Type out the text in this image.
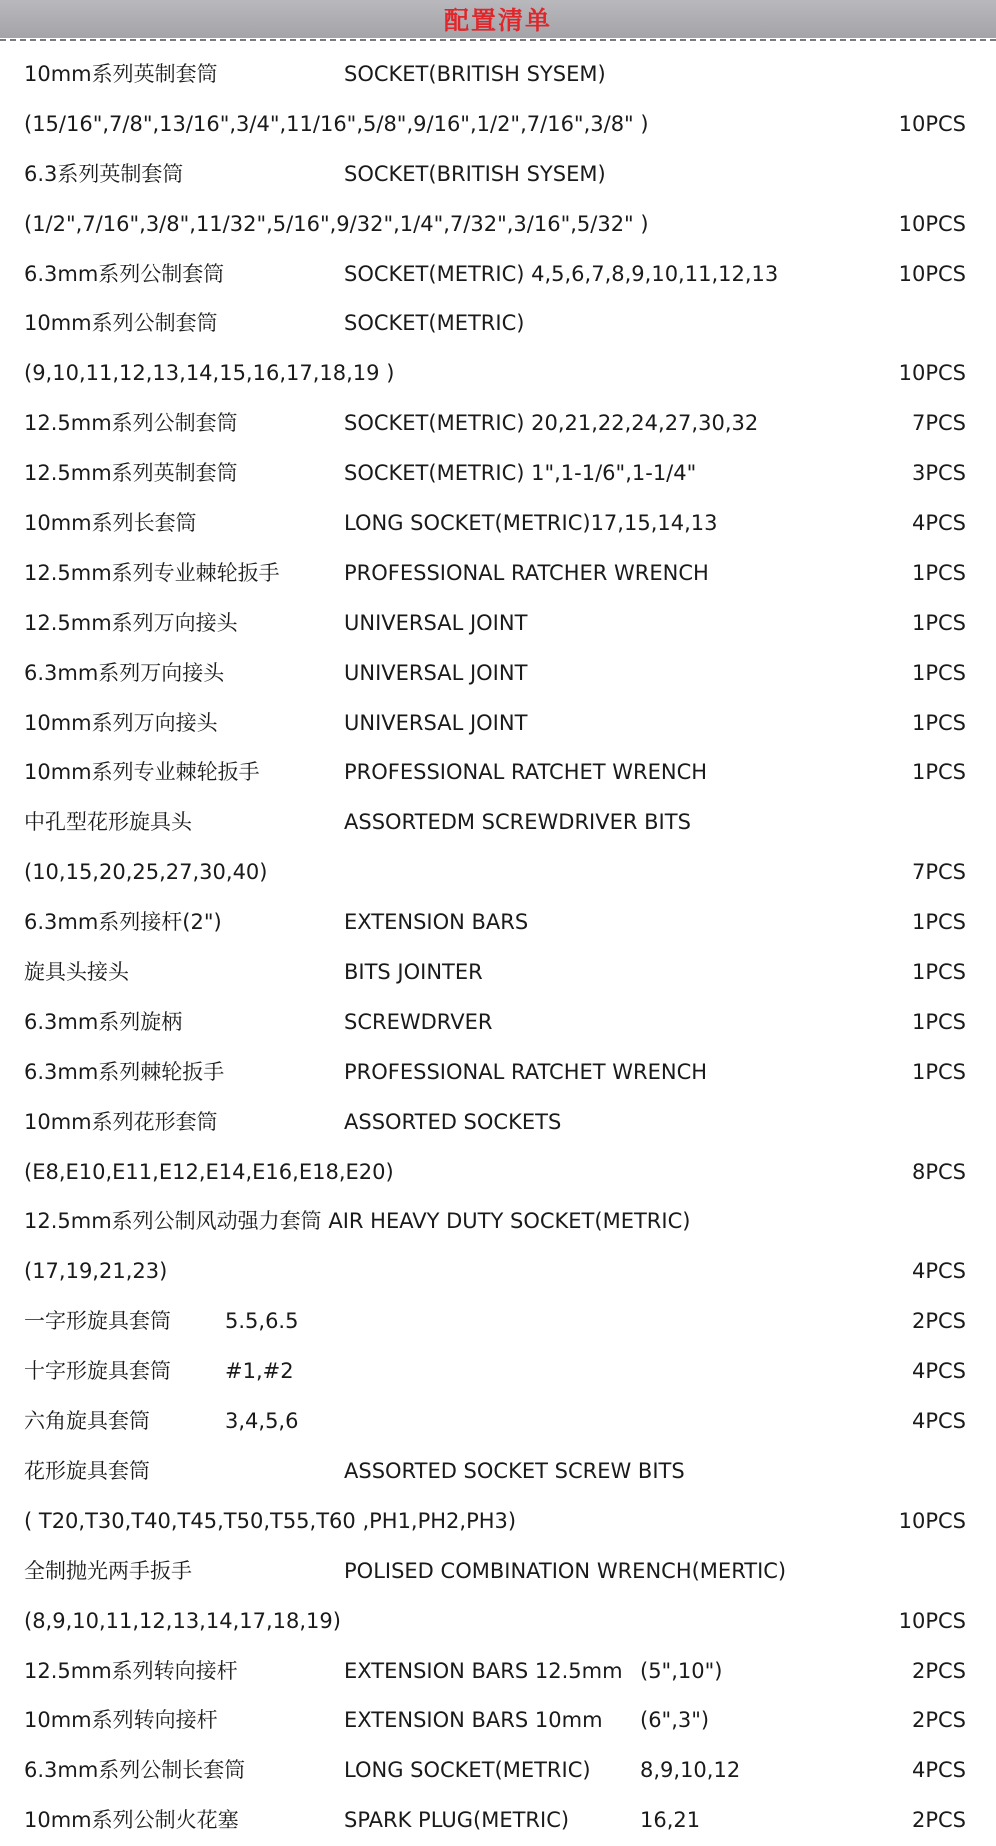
配置清单
10mm系列英制套筒	SOCKET(BRITISH SYSEM)
(15/16",7/8",13/16",3/4",11/16",5/8",9/16",1/2",7/16",3/8" )	10PCS
6.3系列英制套筒	SOCKET(BRITISH SYSEM)
(1/2",7/16",3/8",11/32",5/16",9/32",1/4",7/32",3/16",5/32" )	10PCS
6.3mm系列公制套筒	SOCKET(METRIC) 4,5,6,7,8,9,10,11,12,13	10PCS
10mm系列公制套筒	SOCKET(METRIC)
(9,10,11,12,13,14,15,16,17,18,19 )	10PCS
12.5mm系列公制套筒	SOCKET(METRIC) 20,21,22,24,27,30,32	7PCS
12.5mm系列英制套筒	SOCKET(METRIC) 1",1-1/6",1-1/4"	3PCS
10mm系列长套筒	LONG SOCKET(METRIC)17,15,14,13	4PCS
12.5mm系列专业棘轮扳手	PROFESSIONAL RATCHER WRENCH	1PCS
12.5mm系列万向接头	UNIVERSAL JOINT	1PCS
6.3mm系列万向接头	UNIVERSAL JOINT	1PCS
10mm系列万向接头	UNIVERSAL JOINT	1PCS
10mm系列专业棘轮扳手	PROFESSIONAL RATCHET WRENCH	1PCS
中孔型花形旋具头	ASSORTEDM SCREWDRIVER BITS
(10,15,20,25,27,30,40)	7PCS
6.3mm系列接杆(2")	EXTENSION BARS	1PCS
旋具头接头	BITS JOINTER	1PCS
6.3mm系列旋柄	SCREWDRVER	1PCS
6.3mm系列棘轮扳手	PROFESSIONAL RATCHET WRENCH	1PCS
10mm系列花形套筒	ASSORTED SOCKETS
(E8,E10,E11,E12,E14,E16,E18,E20)	8PCS
12.5mm系列公制风动强力套筒 AIR HEAVY DUTY SOCKET(METRIC)
(17,19,21,23)	4PCS
一字形旋具套筒	5.5,6.5	2PCS
十字形旋具套筒	#1,#2	4PCS
六角旋具套筒	3,4,5,6	4PCS
花形旋具套筒	ASSORTED SOCKET SCREW BITS
( T20,T30,T40,T45,T50,T55,T60 ,PH1,PH2,PH3)	10PCS
全制抛光两手扳手	POLISED COMBINATION WRENCH(MERTIC)
(8,9,10,11,12,13,14,17,18,19)	10PCS
12.5mm系列转向接杆	EXTENSION BARS 12.5mm (5",10")	2PCS
10mm系列转向接杆	EXTENSION BARS 10mm (6",3")	2PCS
6.3mm系列公制长套筒	LONG SOCKET(METRIC) 8,9,10,12	4PCS
10mm系列公制火花塞	SPARK PLUG(METRIC)	16,21	2PCS
